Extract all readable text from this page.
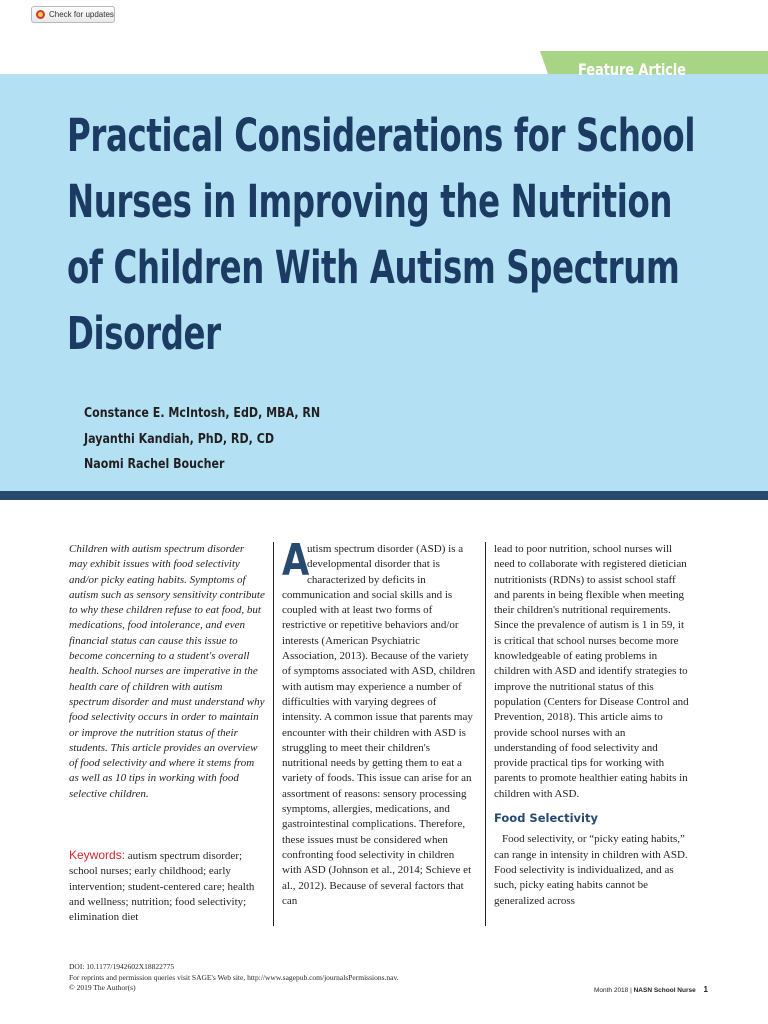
Check for updates
Feature Article
Practical Considerations for School Nurses in Improving the Nutrition of Children With Autism Spectrum Disorder
Constance E. McIntosh, EdD, MBA, RN
Jayanthi Kandiah, PhD, RD, CD
Naomi Rachel Boucher
Children with autism spectrum disorder may exhibit issues with food selectivity and/or picky eating habits. Symptoms of autism such as sensory sensitivity contribute to why these children refuse to eat food, but medications, food intolerance, and even financial status can cause this issue to become concerning to a student's overall health. School nurses are imperative in the health care of children with autism spectrum disorder and must understand why food selectivity occurs in order to maintain or improve the nutrition status of their students. This article provides an overview of food selectivity and where it stems from as well as 10 tips in working with food selective children.
Keywords: autism spectrum disorder; school nurses; early childhood; early intervention; student-centered care; health and wellness; nutrition; food selectivity; elimination diet
A
utism spectrum disorder (ASD) is a developmental disorder that is characterized by deficits in communication and social skills and is coupled with at least two forms of restrictive or repetitive behaviors and/or interests (American Psychiatric Association, 2013). Because of the variety of symptoms associated with ASD, children with autism may experience a number of difficulties with varying degrees of intensity. A common issue that parents may encounter with their children with ASD is struggling to meet their children's nutritional needs by getting them to eat a variety of foods. This issue can arise for an assortment of reasons: sensory processing symptoms, allergies, medications, and gastrointestinal complications. Therefore, these issues must be considered when confronting food selectivity in children with ASD (Johnson et al., 2014; Schieve et al., 2012). Because of several factors that can

lead to poor nutrition, school nurses will need to collaborate with registered dietician nutritionists (RDNs) to assist school staff and parents in being flexible when meeting their children's nutritional requirements. Since the prevalence of autism is 1 in 59, it is critical that school nurses become more knowledgeable of eating problems in children with ASD and identify strategies to improve the nutritional status of this population (Centers for Disease Control and Prevention, 2018). This article aims to provide school nurses with an understanding of food selectivity and provide practical tips for working with parents to promote healthier eating habits in children with ASD.

Food Selectivity

Food selectivity, or “picky eating habits,” can range in intensity in children with ASD. Food selectivity is individualized, and as such, picky eating habits cannot be generalized across

DOI: 10.1177/1942602X18822775
For reprints and permission queries visit SAGE's Web site, http://www.sagepub.com/journalsPermissions.nav.
© 2019 The Author(s)	Month 2018 | NASN School Nurse 1
